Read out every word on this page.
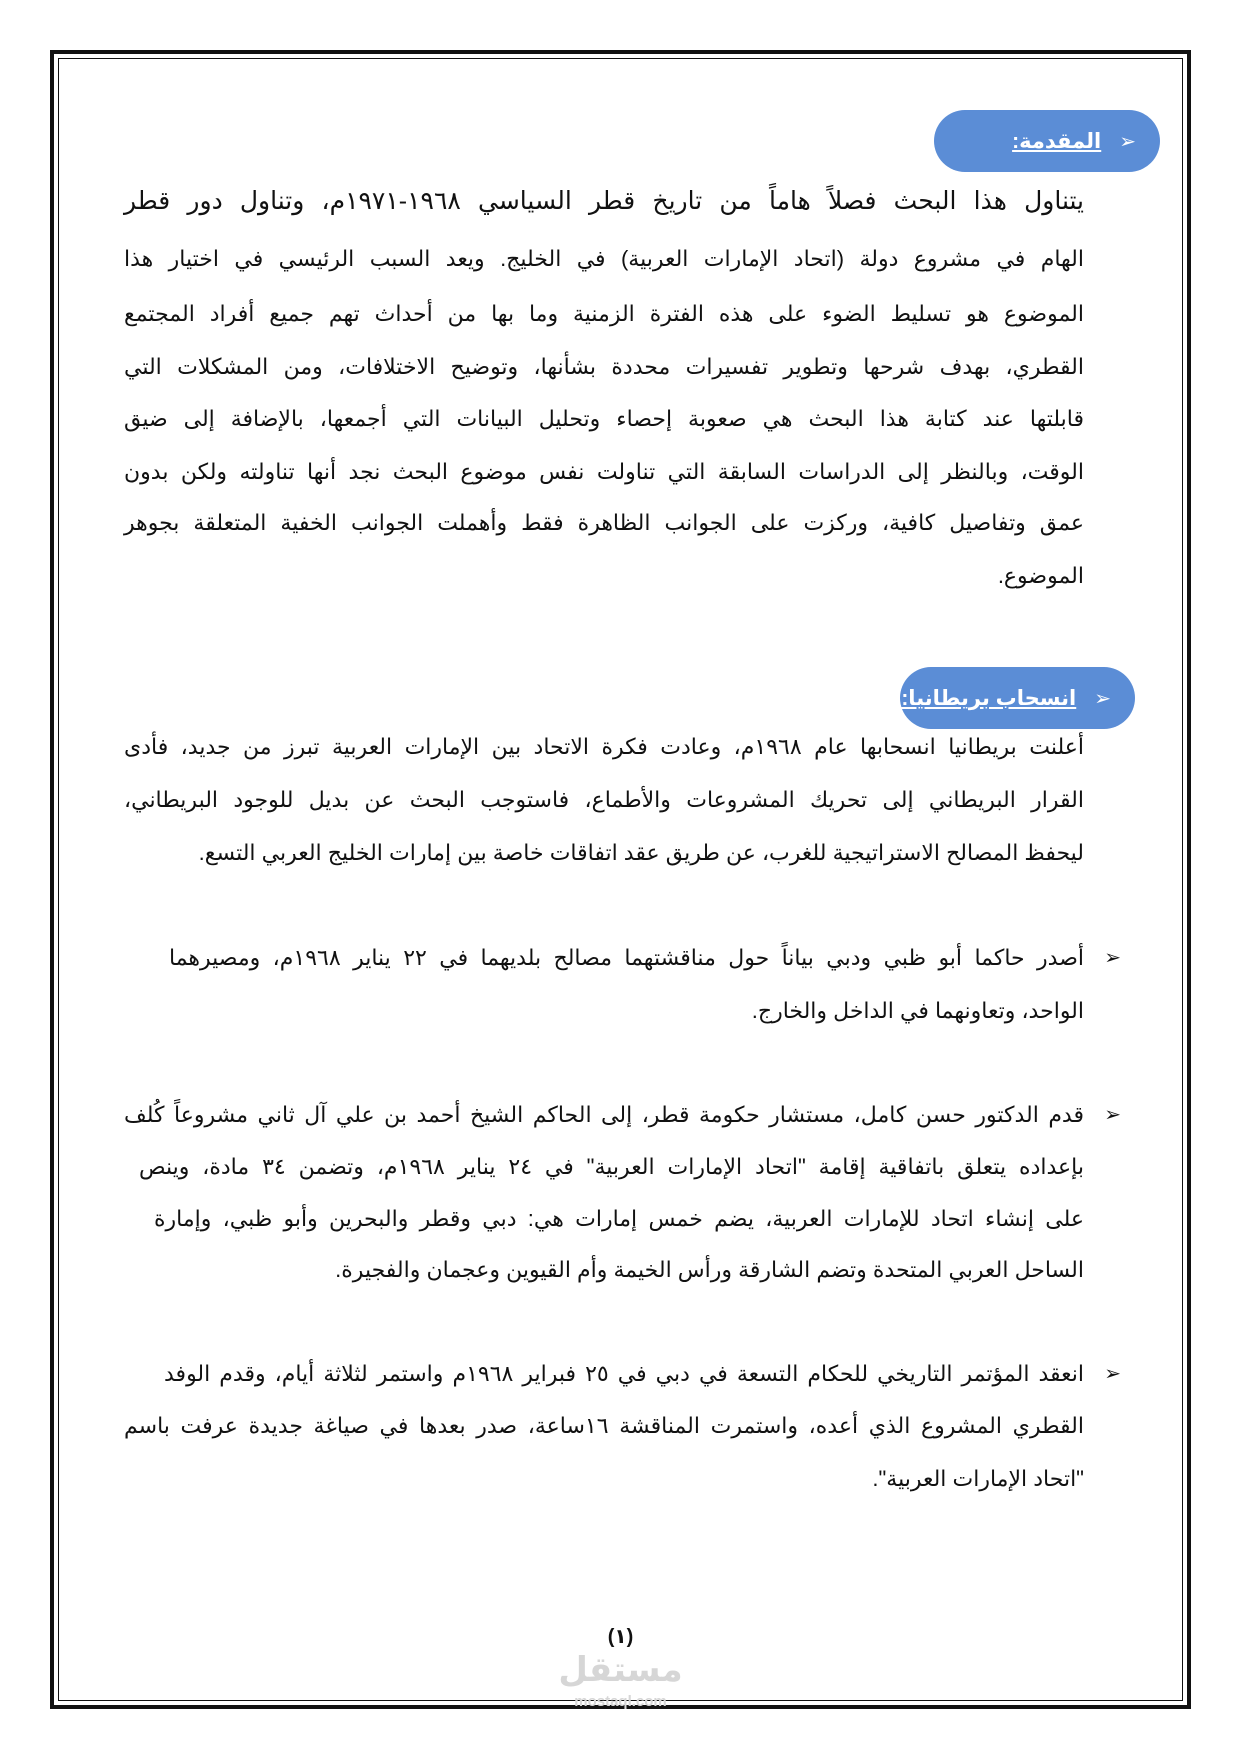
➢
المقدمة:
يتناول هذا البحث فصلاً هاماً من تاريخ قطر السياسي ١٩٦٨-١٩٧١م، وتناول دور قطر
الهام في مشروع دولة (اتحاد الإمارات العربية) في الخليج. ويعد السبب الرئيسي في اختيار هذا
الموضوع هو تسليط الضوء على هذه الفترة الزمنية وما بها من أحداث تهم جميع أفراد المجتمع
القطري، بهدف شرحها وتطوير تفسيرات محددة بشأنها، وتوضيح الاختلافات، ومن المشكلات التي
قابلتها عند كتابة هذا البحث هي صعوبة إحصاء وتحليل البيانات التي أجمعها، بالإضافة إلى ضيق
الوقت، وبالنظر إلى الدراسات السابقة التي تناولت نفس موضوع البحث نجد أنها تناولته ولكن بدون
عمق وتفاصيل كافية، وركزت على الجوانب الظاهرة فقط وأهملت الجوانب الخفية المتعلقة بجوهر
الموضوع.
➢
انسحاب بريطانيا:
أعلنت بريطانيا انسحابها عام ١٩٦٨م، وعادت فكرة الاتحاد بين الإمارات العربية تبرز من جديد، فأدى
القرار البريطاني إلى تحريك المشروعات والأطماع، فاستوجب البحث عن بديل للوجود البريطاني،
ليحفظ المصالح الاستراتيجية للغرب، عن طريق عقد اتفاقات خاصة بين إمارات الخليج العربي التسع.
➢
أصدر حاكما أبو ظبي ودبي بياناً حول مناقشتهما مصالح بلديهما في ٢٢ يناير ١٩٦٨م، ومصيرهما
الواحد، وتعاونهما في الداخل والخارج.
➢
قدم الدكتور حسن كامل، مستشار حكومة قطر، إلى الحاكم الشيخ أحمد بن علي آل ثاني مشروعاً كُلف
بإعداده يتعلق باتفاقية إقامة "اتحاد الإمارات العربية" في ٢٤ يناير ١٩٦٨م، وتضمن ٣٤ مادة، وينص
على إنشاء اتحاد للإمارات العربية، يضم خمس إمارات هي: دبي وقطر والبحرين وأبو ظبي، وإمارة
الساحل العربي المتحدة وتضم الشارقة ورأس الخيمة وأم القيوين وعجمان والفجيرة.
➢
انعقد المؤتمر التاريخي للحكام التسعة في دبي في ٢٥ فبراير ١٩٦٨م واستمر لثلاثة أيام، وقدم الوفد
القطري المشروع الذي أعده، واستمرت المناقشة ١٦ساعة، صدر بعدها في صياغة جديدة عرفت باسم
"اتحاد الإمارات العربية".
(١)
مستقل
mostaql.com
